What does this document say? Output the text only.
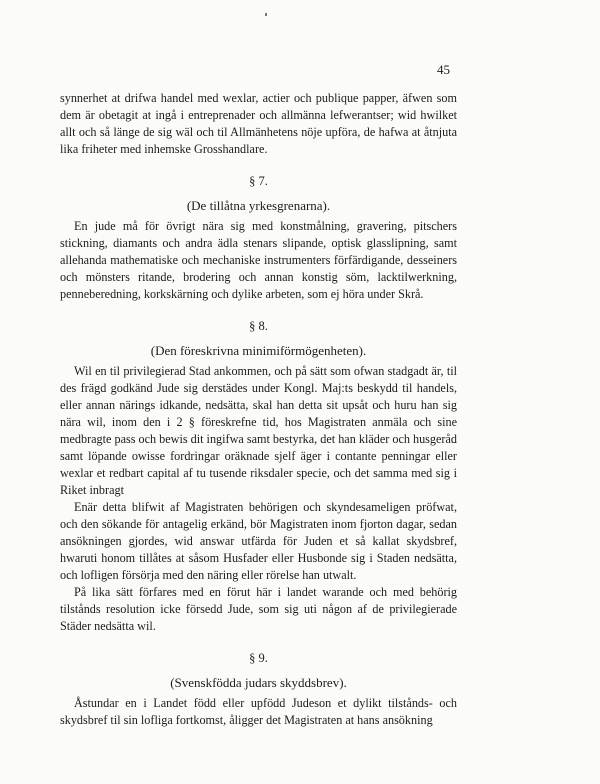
45

synnerhet at drifwa handel med wexlar, actier och publique papper, äfwen som dem är obetagit at ingå i entreprenader och allmänna lefwerantser; wid hwilket allt och så länge de sig wäl och til Allmänhetens nöje upföra, de hafwa at åtnjuta lika friheter med inhemske Grosshandlare.

§ 7.
(De tillåtna yrkesgrenarna).

En jude må för övrigt nära sig med konstmålning, gravering, pitschers stickning, diamants och andra ädla stenars slipande, optisk glasslipning, samt allehanda mathematiske och mechaniske instrumenters förfärdigande, desseiners och mönsters ritande, brodering och annan konstig söm, lacktilwerkning, penneberedning, korkskärning och dylike arbeten, som ej höra under Skrå.

§ 8.
(Den föreskrivna minimiförmögenheten).

Wil en til privilegierad Stad ankommen, och på sätt som ofwan stadgadt är, til des frägd godkänd Jude sig derstädes under Kongl. Maj:ts beskydd til handels, eller annan närings idkande, nedsätta, skal han detta sit upsåt och huru han sig nära wil, inom den i 2 § föreskrefne tid, hos Magistraten anmäla och sine medbragte pass och bewis dit ingifwa samt bestyrka, det han kläder och husgeråd samt löpande owisse fordringar oräknade sjelf äger i contante penningar eller wexlar et redbart capital af tu tusende riksdaler specie, och det samma med sig i Riket inbragt

Enär detta blifwit af Magistraten behörigen och skyndesameligen pröfwat, och den sökande för antagelig erkänd, bör Magistraten inom fjorton dagar, sedan ansökningen gjordes, wid answar utfärda för Juden et så kallat skydsbref, hwaruti honom tillåtes at såsom Husfader eller Husbonde sig i Staden nedsätta, och lofligen försörja med den näring eller rörelse han utwalt.

På lika sätt förfares med en förut här i landet warande och med behörig tilstånds resolution icke försedd Jude, som sig uti någon af de privilegierade Städer nedsätta wil.

§ 9.
(Svenskfödda judars skyddsbrev).

Åstundar en i Landet född eller upfödd Judeson et dylikt tilstånds- och skydsbref til sin lofliga fortkomst, åligger det Magistraten at hans ansökning
